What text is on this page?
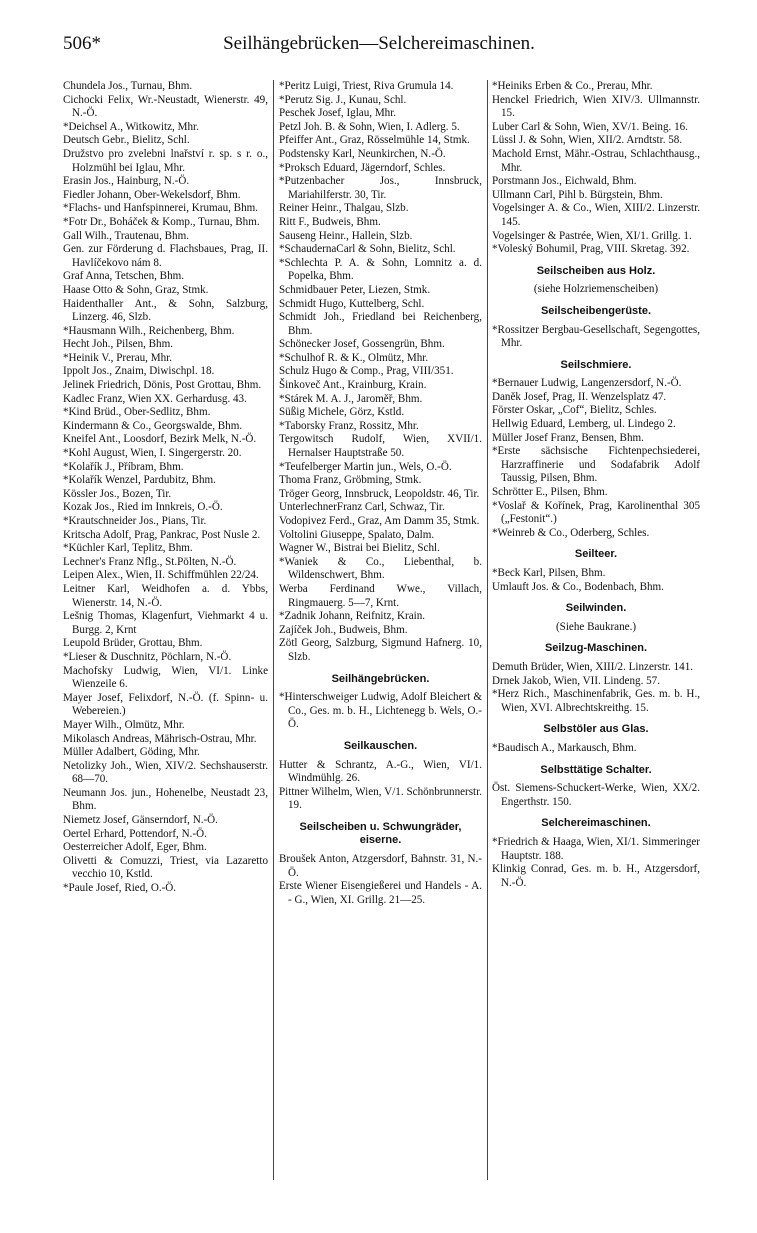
506*	Seilhängebrücken—Selchereimaschinen.
Chundela Jos., Turnau, Bhm.
Cichocki Felix, Wr.-Neustadt, Wienerstr. 49, N.-Ö.
*Deichsel A., Witkowitz, Mhr.
Deutsch Gebr., Bielitz, Schl.
Družstvo pro zvelebni lnařství r. sp. s r. o., Holzmühl bei Iglau, Mhr.
Erasin Jos., Hainburg, N.-Ö.
Fiedler Johann, Ober-Wekelsdorf, Bhm.
*Flachs- und Hanfspinnerei, Krumau, Bhm.
*Fotr Dr., Boháček & Komp., Turnau, Bhm.
Gall Wilh., Trautenau, Bhm.
Gen. zur Förderung d. Flachsbaues, Prag, II. Havlíčekovo nám 8.
Graf Anna, Tetschen, Bhm.
Haase Otto & Sohn, Graz, Stmk.
Haidenthaller Ant., & Sohn, Salzburg, Linzerg. 46, Slzb.
*Hausmann Wilh., Reichenberg, Bhm.
Hecht Joh., Pilsen, Bhm.
*Heinik V., Prerau, Mhr.
Ippolt Jos., Znaim, Diwischpl. 18.
Jelinek Friedrich, Dönis, Post Grottau, Bhm.
Kadlec Franz, Wien XX. Gerhardusg. 43.
*Kind Brüd., Ober-Sedlitz, Bhm.
Kindermann & Co., Georgswalde, Bhm.
Kneifel Ant., Loosdorf, Bezirk Melk, N.-Ö.
*Kohl August, Wien, I. Singergerstr. 20.
*Kolařík J., Příbram, Bhm.
*Kolařík Wenzel, Pardubitz, Bhm.
Kössler Jos., Bozen, Tir.
Kozak Jos., Ried im Innkreis, O.-Ö.
*Krautschneider Jos., Pians, Tir.
Kritscha Adolf, Prag, Pankrac, Post Nusle 2.
*Küchler Karl, Teplitz, Bhm.
Lechner's Franz Nflg., St.Pölten, N.-Ö.
Leipen Alex., Wien, II. Schiffmühlen 22/24.
Leitner Karl, Weidhofen a. d. Ybbs, Wienerstr. 14, N.-Ö.
Lešnig Thomas, Klagenfurt, Viehmarkt 4 u. Burgg. 2, Krnt
Leupold Brüder, Grottau, Bhm.
*Lieser & Duschnitz, Pöchlarn, N.-Ö.
Machofsky Ludwig, Wien, VI/1. Linke Wienzeile 6.
Mayer Josef, Felixdorf, N.-Ö. (f. Spinn- u. Webereien.)
Mayer Wilh., Olmütz, Mhr.
Mikolasch Andreas, Mährisch-Ostrau, Mhr.
Müller Adalbert, Göding, Mhr.
Netolizky Joh., Wien, XIV/2. Sechshauserstr. 68—70.
Neumann Jos. jun., Hohenelbe, Neustadt 23, Bhm.
Niemetz Josef, Gänserndorf, N.-Ö.
Oertel Erhard, Pottendorf, N.-Ö.
Oesterreicher Adolf, Eger, Bhm.
Olivetti & Comuzzi, Triest, via Lazaretto vecchio 10, Kstld.
*Paule Josef, Ried, O.-Ö.
*Peritz Luigi, Triest, Riva Grumula 14.
*Perutz Sig. J., Kunau, Schl.
Peschek Josef, Iglau, Mhr.
Petzl Joh. B. & Sohn, Wien, I. Adlerg. 5.
Pfeiffer Ant., Graz, Rösselmühle 14, Stmk.
Podstensky Karl, Neunkirchen, N.-Ö.
*Proksch Eduard, Jägerndorf, Schles.
*Putzenbacher Jos., Innsbruck, Mariahilferstr. 30, Tir.
Reiner Heinr., Thalgau, Slzb.
Ritt F., Budweis, Bhm.
Sauseng Heinr., Hallein, Slzb.
*SchaudernaCarl & Sohn, Bielitz, Schl.
*Schlechta P. A. & Sohn, Lomnitz a. d. Popelka, Bhm.
Schmidbauer Peter, Liezen, Stmk.
Schmidt Hugo, Kuttelberg, Schl.
Schmidt Joh., Friedland bei Reichenberg, Bhm.
Schönecker Josef, Gossengrün, Bhm.
*Schulhof R. & K., Olmütz, Mhr.
Schulz Hugo & Comp., Prag, VIII/351.
Šinkoveč Ant., Krainburg, Krain.
*Stárek M. A. J., Jaroměř, Bhm.
Süßig Michele, Görz, Kstld.
*Taborsky Franz, Rossitz, Mhr.
Tergowitsch Rudolf, Wien, XVII/1. Hernalser Hauptstraße 50.
*Teufelberger Martin jun., Wels, O.-Ö.
Thoma Franz, Gröbming, Stmk.
Tröger Georg, Innsbruck, Leopoldstr. 46, Tir.
UnterlechnerFranz Carl, Schwaz, Tir.
Vodopivez Ferd., Graz, Am Damm 35, Stmk.
Voltolini Giuseppe, Spalato, Dalm.
Wagner W., Bistrai bei Bielitz, Schl.
*Waniek & Co., Liebenthal, b. Wildenschwert, Bhm.
Werba Ferdinand Wwe., Villach, Ringmauerg. 5—7, Krnt.
*Zadnik Johann, Reifnitz, Krain.
Zajíček Joh., Budweis, Bhm.
Zötl Georg, Salzburg, Sigmund Hafnerg. 10, Slzb.
Seilhängebrücken.
*Hinterschweiger Ludwig, Adolf Bleichert & Co., Ges. m. b. H., Lichtenegg b. Wels, O.-Ö.
Seilkauschen.
Hutter & Schrantz, A.-G., Wien, VI/1. Windmühlg. 26.
Pittner Wilhelm, Wien, V/1. Schönbrunnerstr. 19.
Seilscheiben u. Schwungräder, eiserne.
Broušek Anton, Atzgersdorf, Bahnstr. 31, N.-Ö.
Erste Wiener Eisengießerei und Handels - A. - G., Wien, XI. Grillg. 21—25.
*Heiniks Erben & Co., Prerau, Mhr.
Henckel Friedrich, Wien XIV/3. Ullmannstr. 15.
Luber Carl & Sohn, Wien, XV/1. Being. 16.
Lüssl J. & Sohn, Wien, XII/2. Arndtstr. 58.
Machold Ernst, Mähr.-Ostrau, Schlachthausg., Mhr.
Porstmann Jos., Eichwald, Bhm.
Ullmann Carl, Pihl b. Bürgstein, Bhm.
Vogelsinger A. & Co., Wien, XIII/2. Linzerstr. 145.
Vogelsinger & Pastrée, Wien, XI/1. Grillg. 1.
*Voleský Bohumil, Prag, VIII. Skretag. 392.
Seilscheiben aus Holz.
(siehe Holzriemenscheiben)
Seilscheibengerüste.
*Rossitzer Bergbau-Gesellschaft, Segengottes, Mhr.
Seilschmiere.
*Bernauer Ludwig, Langenzersdorf, N.-Ö.
Daněk Josef, Prag, II. Wenzelsplatz 47.
Förster Oskar, „Cof“, Bielitz, Schles.
Hellwig Eduard, Lemberg, ul. Lindego 2.
Müller Josef Franz, Bensen, Bhm.
*Erste sächsische Fichtenpechsiederei, Harzraffinerie und Sodafabrik Adolf Taussig, Pilsen, Bhm.
Schrötter E., Pilsen, Bhm.
*Voslař & Kořínek, Prag, Karolinenthal 305 („Festonit“.)
*Weinreb & Co., Oderberg, Schles.
Seilteer.
*Beck Karl, Pilsen, Bhm.
Umlauft Jos. & Co., Bodenbach, Bhm.
Seilwinden.
(Siehe Baukrane.)
Seilzug-Maschinen.
Demuth Brüder, Wien, XIII/2. Linzerstr. 141.
Drnek Jakob, Wien, VII. Lindeng. 57.
*Herz Rich., Maschinenfabrik, Ges. m. b. H., Wien, XVI. Albrechtskreithg. 15.
Selbstöler aus Glas.
*Baudisch A., Markausch, Bhm.
Selbsttätige Schalter.
Öst. Siemens-Schuckert-Werke, Wien, XX/2. Engerthstr. 150.
Selchereimaschinen.
*Friedrich & Haaga, Wien, XI/1. Simmeringer Hauptstr. 188.
Klinkig Conrad, Ges. m. b. H., Atzgersdorf, N.-Ö.
